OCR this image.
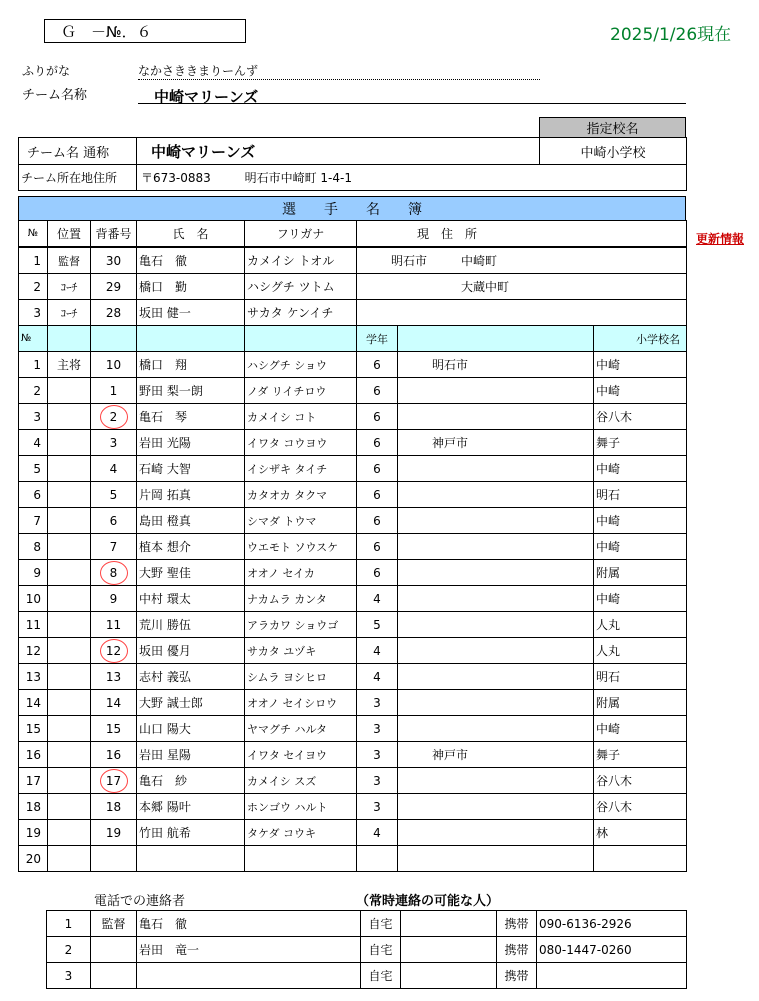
Ｇ　－№．６	2025/1/26現在
ふりがな	なかさききまりーんず
チーム名称	中崎マリーンズ
指定校名
チーム名 通称	中崎マリーンズ	中崎小学校
チーム所在地住所	〒673-0883 明石市中崎町 1-4-1	
選　　手　　名　　簿
更新情報
№	位置	背番号	氏　名	フリガナ	現　住　所		
1	監督	30	亀石　徹	カメイシ トオル	明石市 中崎町		
2	ｺｰﾁ	29	橋口　勤	ハシグチ ツトム	大蔵中町		
3	ｺｰﾁ	28	坂田 健一	サカタ ケンイチ			
№					学年		小学校名
1	主将	10	橋口　翔	ハシグチ ショウ	6	明石市	中崎
2		1	野田 梨一朗	ノダ リイチロウ	6		中崎
3		2	亀石　琴	カメイシ コト	6		谷八木
4		3	岩田 光陽	イワタ コウヨウ	6	神戸市	舞子
5		4	石崎 大智	イシザキ タイチ	6		中崎
6		5	片岡 拓真	カタオカ タクマ	6		明石
7		6	島田 橙真	シマダ トウマ	6		中崎
8		7	植本 想介	ウエモト ソウスケ	6		中崎
9		8	大野 聖佳	オオノ セイカ	6		附属
10		9	中村 環太	ナカムラ カンタ	4		中崎
11		11	荒川 勝伍	アラカワ ショウゴ	5		人丸
12		12	坂田 優月	サカタ ユヅキ	4		人丸
13		13	志村 義弘	シムラ ヨシヒロ	4		明石
14		14	大野 誠士郎	オオノ セイシロウ	3		附属
15		15	山口 陽大	ヤマグチ ハルタ	3		中崎
16		16	岩田 星陽	イワタ セイヨウ	3	神戸市	舞子
17		17	亀石　紗	カメイシ スズ	3		谷八木
18		18	本郷 陽叶	ホンゴウ ハルト	3		谷八木
19		19	竹田 航希	タケダ コウキ	4		林
20							
電話での連絡者	（常時連絡の可能な人）
1	監督	亀石　徹	自宅		携帯	090-6136-2926
2		岩田　竜一	自宅		携帯	080-1447-0260
3			自宅		携帯	
